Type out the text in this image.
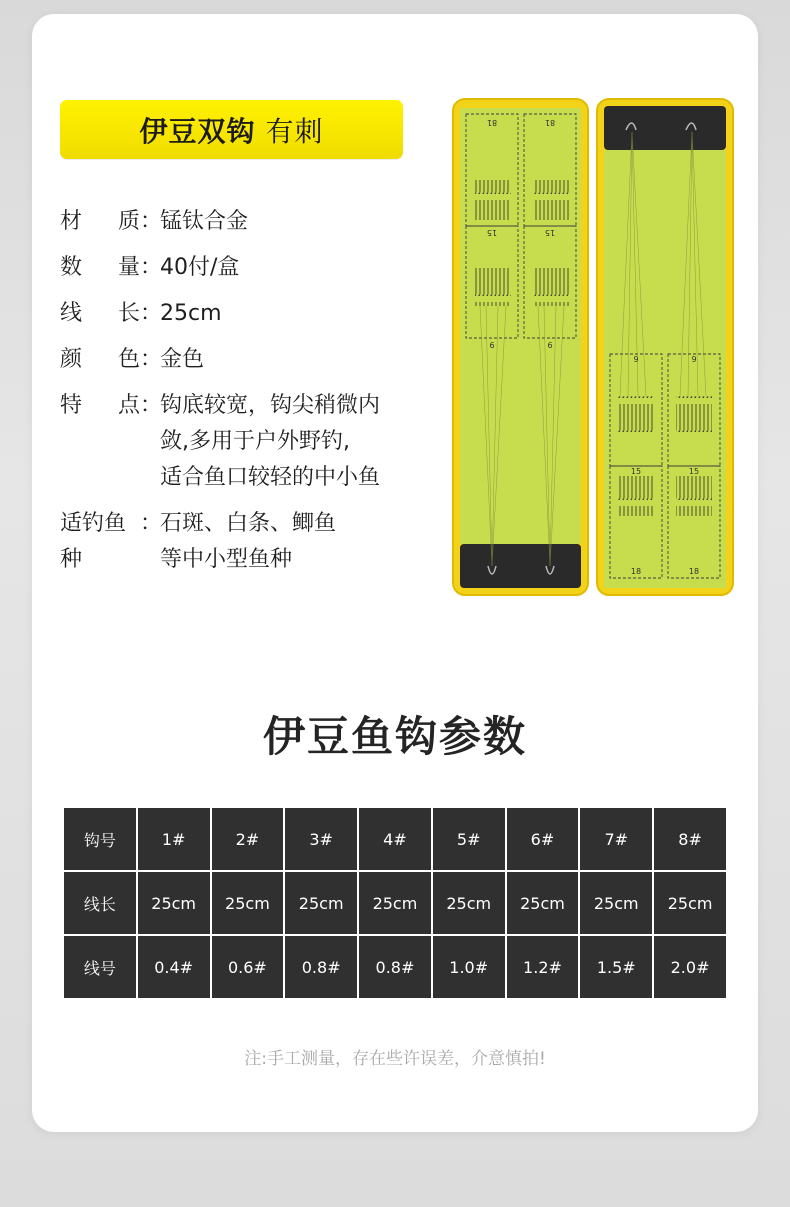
伊豆双钩 有刺
材 质 ：
锰钛合金
数 量 ：
40付/盒
线 长 ：
25cm
颜 色 ：
金色
特 点 ：
钩底较宽，钩尖稍微内
敛,多用于户外野钓,
适合鱼口较轻的中小鱼
适钓鱼种
：
石斑、白条、鲫鱼
等中小型鱼种
81	81
15	15
6	6
9	9
15	15
18	18
伊豆鱼钩参数
钩号	1#	2#	3#	4#	5#	6#	7#	8#
线长	25cm	25cm	25cm	25cm	25cm	25cm	25cm	25cm
线号	0.4#	0.6#	0.8#	0.8#	1.0#	1.2#	1.5#	2.0#
注:手工测量，存在些许误差，介意慎拍!
